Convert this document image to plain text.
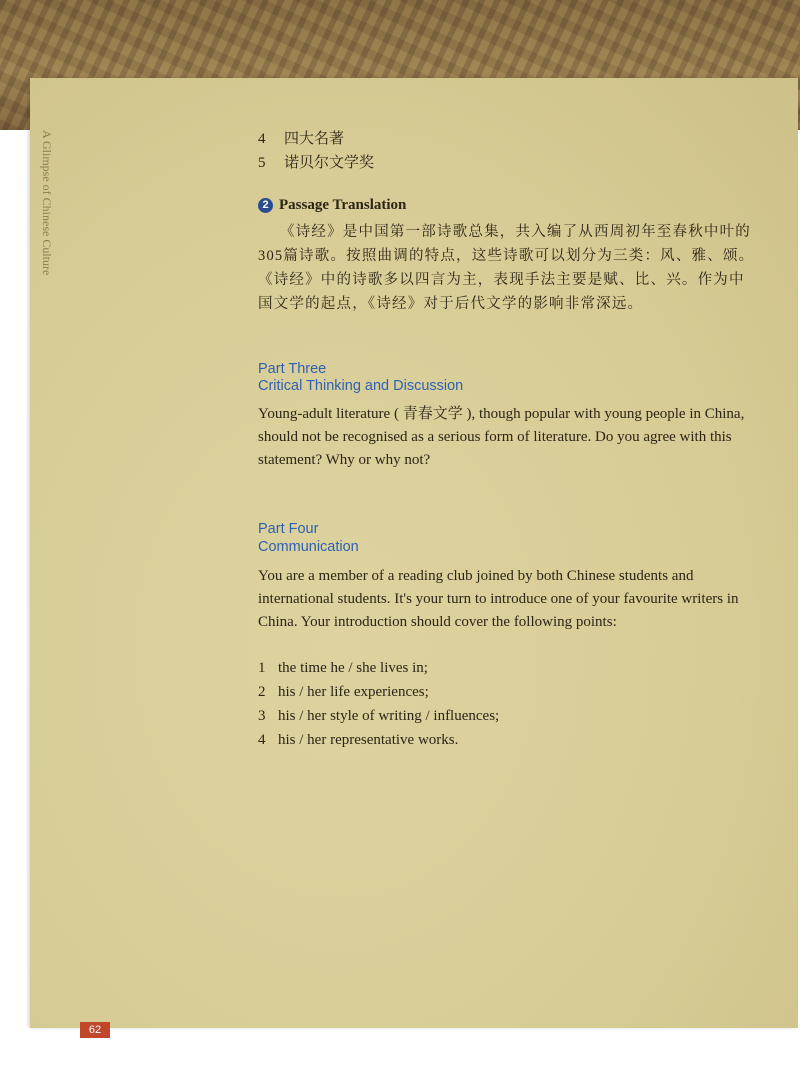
A Glimpse of Chinese Culture	4 四大名著
5 诺贝尔文学奖
2 Passage Translation

《诗经》是中国第一部诗歌总集，共入编了从西周初年至春秋中叶的305篇诗歌。按照曲调的特点，这些诗歌可以划分为三类：风、雅、颂。《诗经》中的诗歌多以四言为主，表现手法主要是赋、比、兴。作为中国文学的起点，《诗经》对于后代文学的影响非常深远。

Part Three
Critical Thinking and Discussion

Young-adult literature ( 青春文学 ), though popular with young people in China, should not be recognised as a serious form of literature. Do you agree with this statement? Why or why not?

Part Four
Communication

You are a member of a reading club joined by both Chinese students and international students. It's your turn to introduce one of your favourite writers in China. Your introduction should cover the following points:

1 the time he / she lives in;
2 his / her life experiences;
3 his / her style of writing / influences;
4 his / her representative works.
62
